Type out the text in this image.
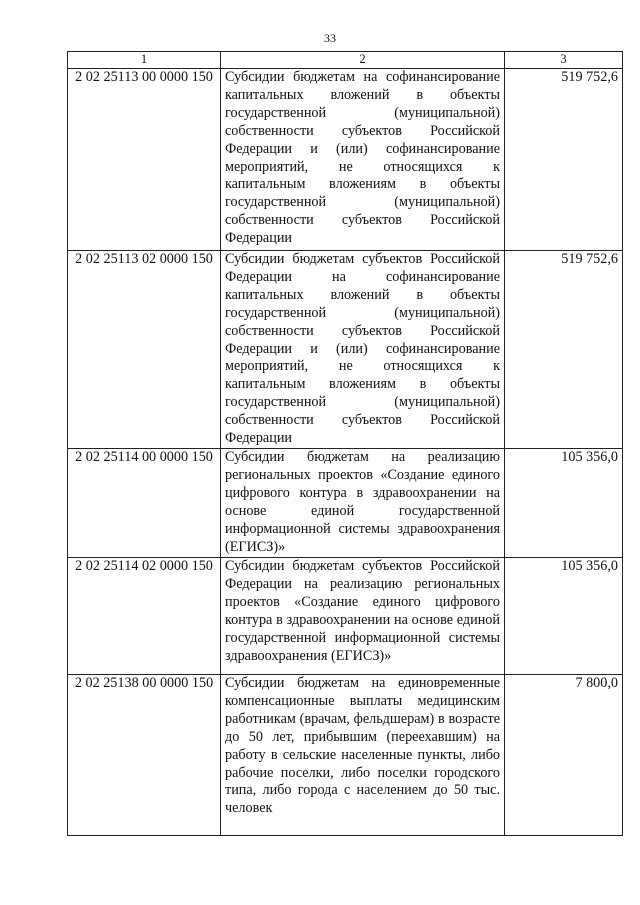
33
1	2	3
2 02 25113 00 0000 150	Субсидии бюджетам на софинансирование капитальных вложений в объекты государственной (муниципальной) собственности субъектов Российской Федерации и (или) софинансирование мероприятий, не относящихся к капитальным вложениям в объекты государственной (муниципальной) собственности субъектов Российской Федерации	519 752,6
2 02 25113 02 0000 150	Субсидии бюджетам субъектов Российской Федерации на софинансирование капитальных вложений в объекты государственной (муниципальной) собственности субъектов Российской Федерации и (или) софинансирование мероприятий, не относящихся к капитальным вложениям в объекты государственной (муниципальной) собственности субъектов Российской Федерации	519 752,6
2 02 25114 00 0000 150	Субсидии бюджетам на реализацию региональных проектов «Создание единого цифрового контура в здравоохранении на основе единой государственной информационной системы здравоохранения (ЕГИСЗ)»	105 356,0
2 02 25114 02 0000 150	Субсидии бюджетам субъектов Российской Федерации на реализацию региональных проектов «Создание единого цифрового контура в здравоохранении на основе единой государственной информационной системы здравоохранения (ЕГИСЗ)»	105 356,0
2 02 25138 00 0000 150	Субсидии бюджетам на единовременные компенсационные выплаты медицинским работникам (врачам, фельдшерам) в возрасте до 50 лет, прибывшим (переехавшим) на работу в сельские населенные пункты, либо рабочие поселки, либо поселки городского типа, либо города с населением до 50 тыс. человек	7 800,0
